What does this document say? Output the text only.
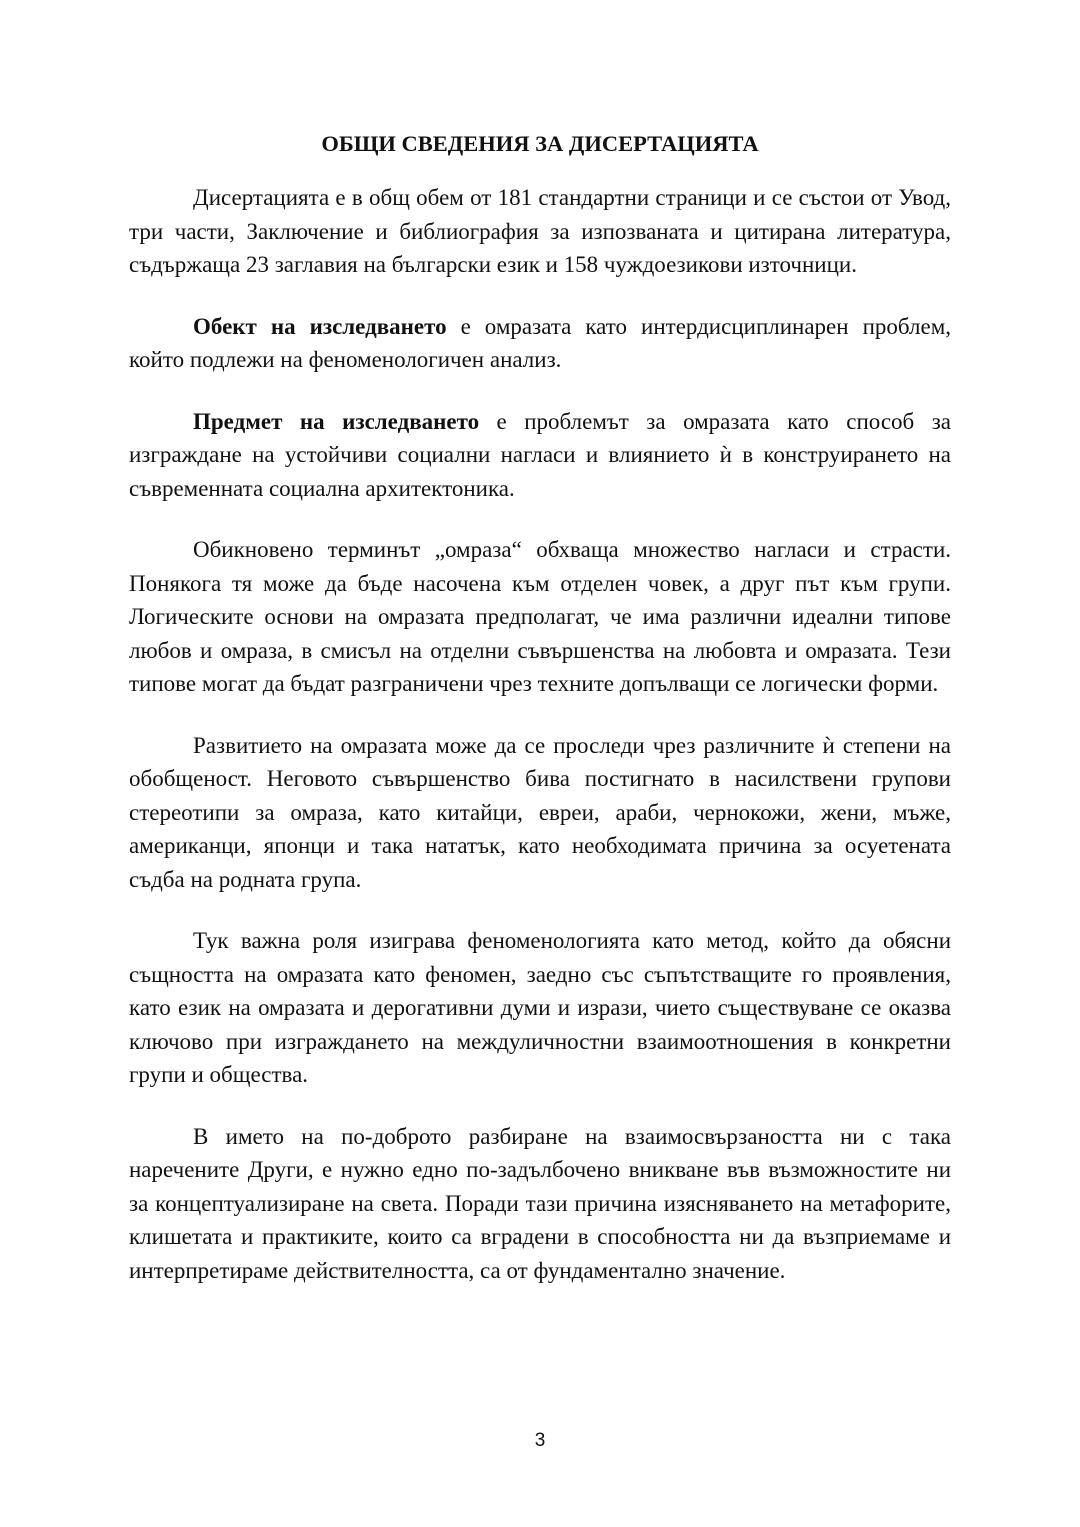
ОБЩИ СВЕДЕНИЯ ЗА ДИСЕРТАЦИЯТА

Дисертацията е в общ обем от 181 стандартни страници и се състои от Увод, три части, Заключение и библиография за изпозваната и цитирана литература, съдържаща 23 заглавия на български език и 158 чуждоезикови източници.

Обект на изследването е омразата като интердисциплинарен проблем, който подлежи на феноменологичен анализ.

Предмет на изследването е проблемът за омразата като способ за изграждане на устойчиви социални нагласи и влиянието ѝ в конструирането на съвременната социална архитектоника.

Обикновено терминът „омраза“ обхваща множество нагласи и страсти. Понякога тя може да бъде насочена към отделен човек, а друг път към групи. Логическите основи на омразата предполагат, че има различни идеални типове любов и омраза, в смисъл на отделни съвършенства на любовта и омразата. Тези типове могат да бъдат разграничени чрез техните допълващи се логически форми.

Развитието на омразата може да се проследи чрез различните ѝ степени на обобщеност. Неговото съвършенство бива постигнато в насилствени групови стереотипи за омраза, като китайци, евреи, араби, чернокожи, жени, мъже, американци, японци и така нататък, като необходимата причина за осуетената съдба на родната група.

Тук важна роля изиграва феноменологията като метод, който да обясни същността на омразата като феномен, заедно със съпътстващите го проявления, като език на омразата и дерогативни думи и изрази, чието съществуване се оказва ключово при изграждането на междуличностни взаимоотношения в конкретни групи и общества.

В името на по-доброто разбиране на взаимосвързаността ни с така наречените Други, е нужно едно по-задълбочено вникване във възможностите ни за концептуализиране на света. Поради тази причина изясняването на метафорите, клишетата и практиките, които са вградени в способността ни да възприемаме и интерпретираме действителността, са от фундаментално значение.

3
